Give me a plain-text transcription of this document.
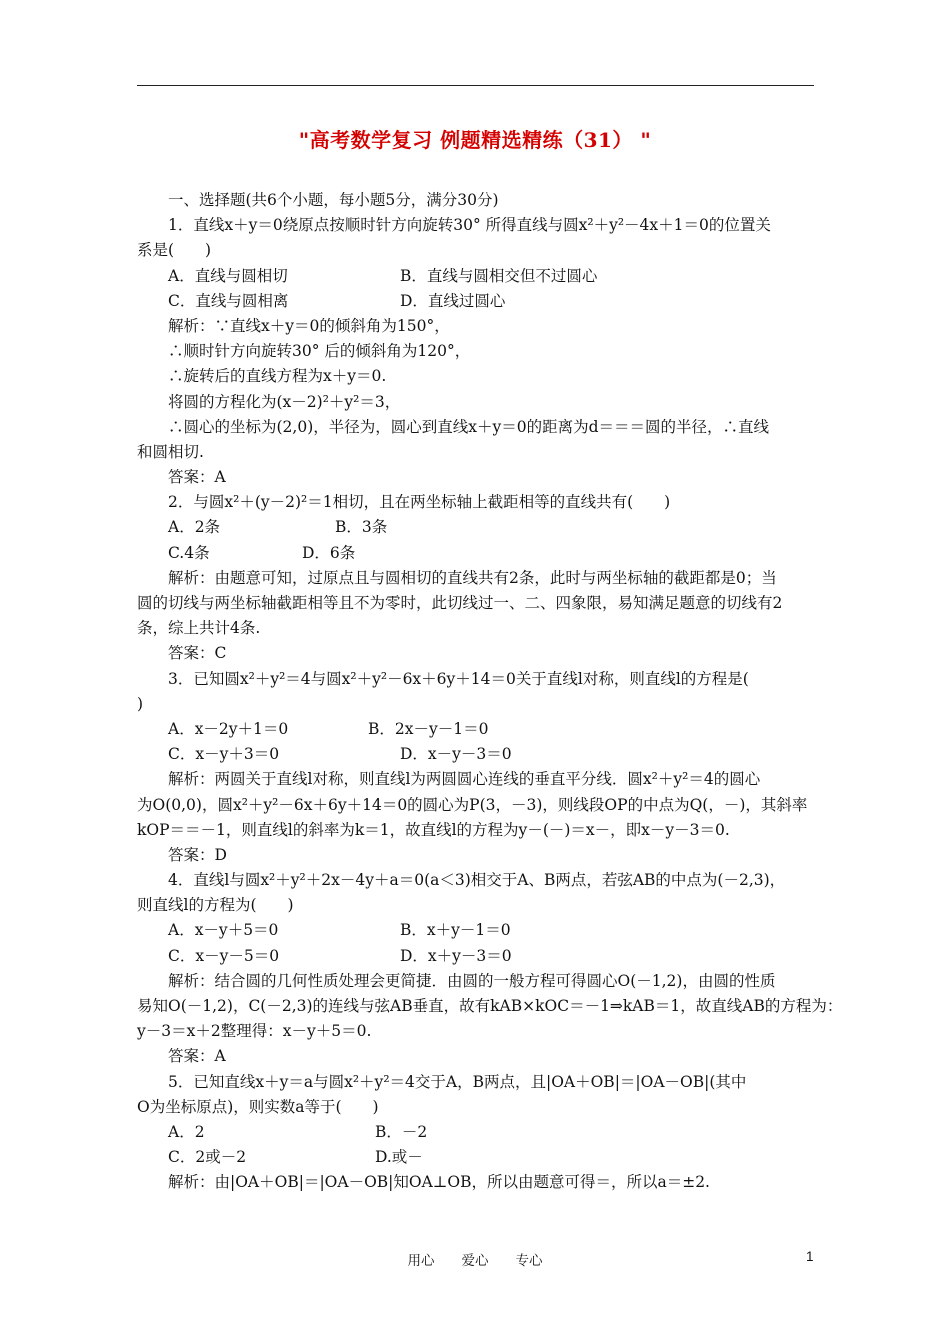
"高考数学复习 例题精选精练（31） "
一、选择题(共6个小题，每小题5分，满分30分)
1．直线x＋y＝0绕原点按顺时针方向旋转30° 所得直线与圆x²＋y²－4x＋1＝0的位置关
系是(　　)
A．直线与圆相切	B．直线与圆相交但不过圆心
C．直线与圆相离	D．直线过圆心
解析：∵直线x＋y＝0的倾斜角为150°，
∴顺时针方向旋转30° 后的倾斜角为120°，
∴旋转后的直线方程为x＋y＝0.
将圆的方程化为(x－2)²＋y²＝3，
∴圆心的坐标为(2,0)，半径为，圆心到直线x＋y＝0的距离为d＝＝＝圆的半径，∴直线
和圆相切.
答案：A
2．与圆x²＋(y－2)²＝1相切，且在两坐标轴上截距相等的直线共有(　　)
A．2条	B．3条
C.4条	D．6条
解析：由题意可知，过原点且与圆相切的直线共有2条，此时与两坐标轴的截距都是0；当
圆的切线与两坐标轴截距相等且不为零时，此切线过一、二、四象限，易知满足题意的切线有2
条，综上共计4条.
答案：C
3．已知圆x²＋y²＝4与圆x²＋y²－6x＋6y＋14＝0关于直线l对称，则直线l的方程是(
)
A．x－2y＋1＝0	B．2x－y－1＝0
C．x－y＋3＝0	D．x－y－3＝0
解析：两圆关于直线l对称，则直线l为两圆圆心连线的垂直平分线．圆x²＋y²＝4的圆心
为O(0,0)，圆x²＋y²－6x＋6y＋14＝0的圆心为P(3，－3)，则线段OP的中点为Q(，－)，其斜率
kOP＝＝－1，则直线l的斜率为k＝1，故直线l的方程为y－(－)＝x－，即x－y－3＝0.
答案：D
4．直线l与圆x²＋y²＋2x－4y＋a＝0(a＜3)相交于A、B两点，若弦AB的中点为(－2,3)，
则直线l的方程为(　　)
A．x－y＋5＝0	B．x＋y－1＝0
C．x－y－5＝0	D．x＋y－3＝0
解析：结合圆的几何性质处理会更简捷．由圆的一般方程可得圆心O(－1,2)，由圆的性质
易知O(－1,2)，C(－2,3)的连线与弦AB垂直，故有kAB×kOC＝－1⇒kAB＝1，故直线AB的方程为：
y－3＝x＋2整理得：x－y＋5＝0.
答案：A
5．已知直线x＋y＝a与圆x²＋y²＝4交于A，B两点，且|OA＋OB|＝|OA－OB|(其中
O为坐标原点)，则实数a等于(　　)
A．2	B．－2
C．2或－2	D.或－
解析：由|OA＋OB|＝|OA－OB|知OA⊥OB，所以由题意可得＝，所以a＝±2.
用心　　爱心　　专心	1
